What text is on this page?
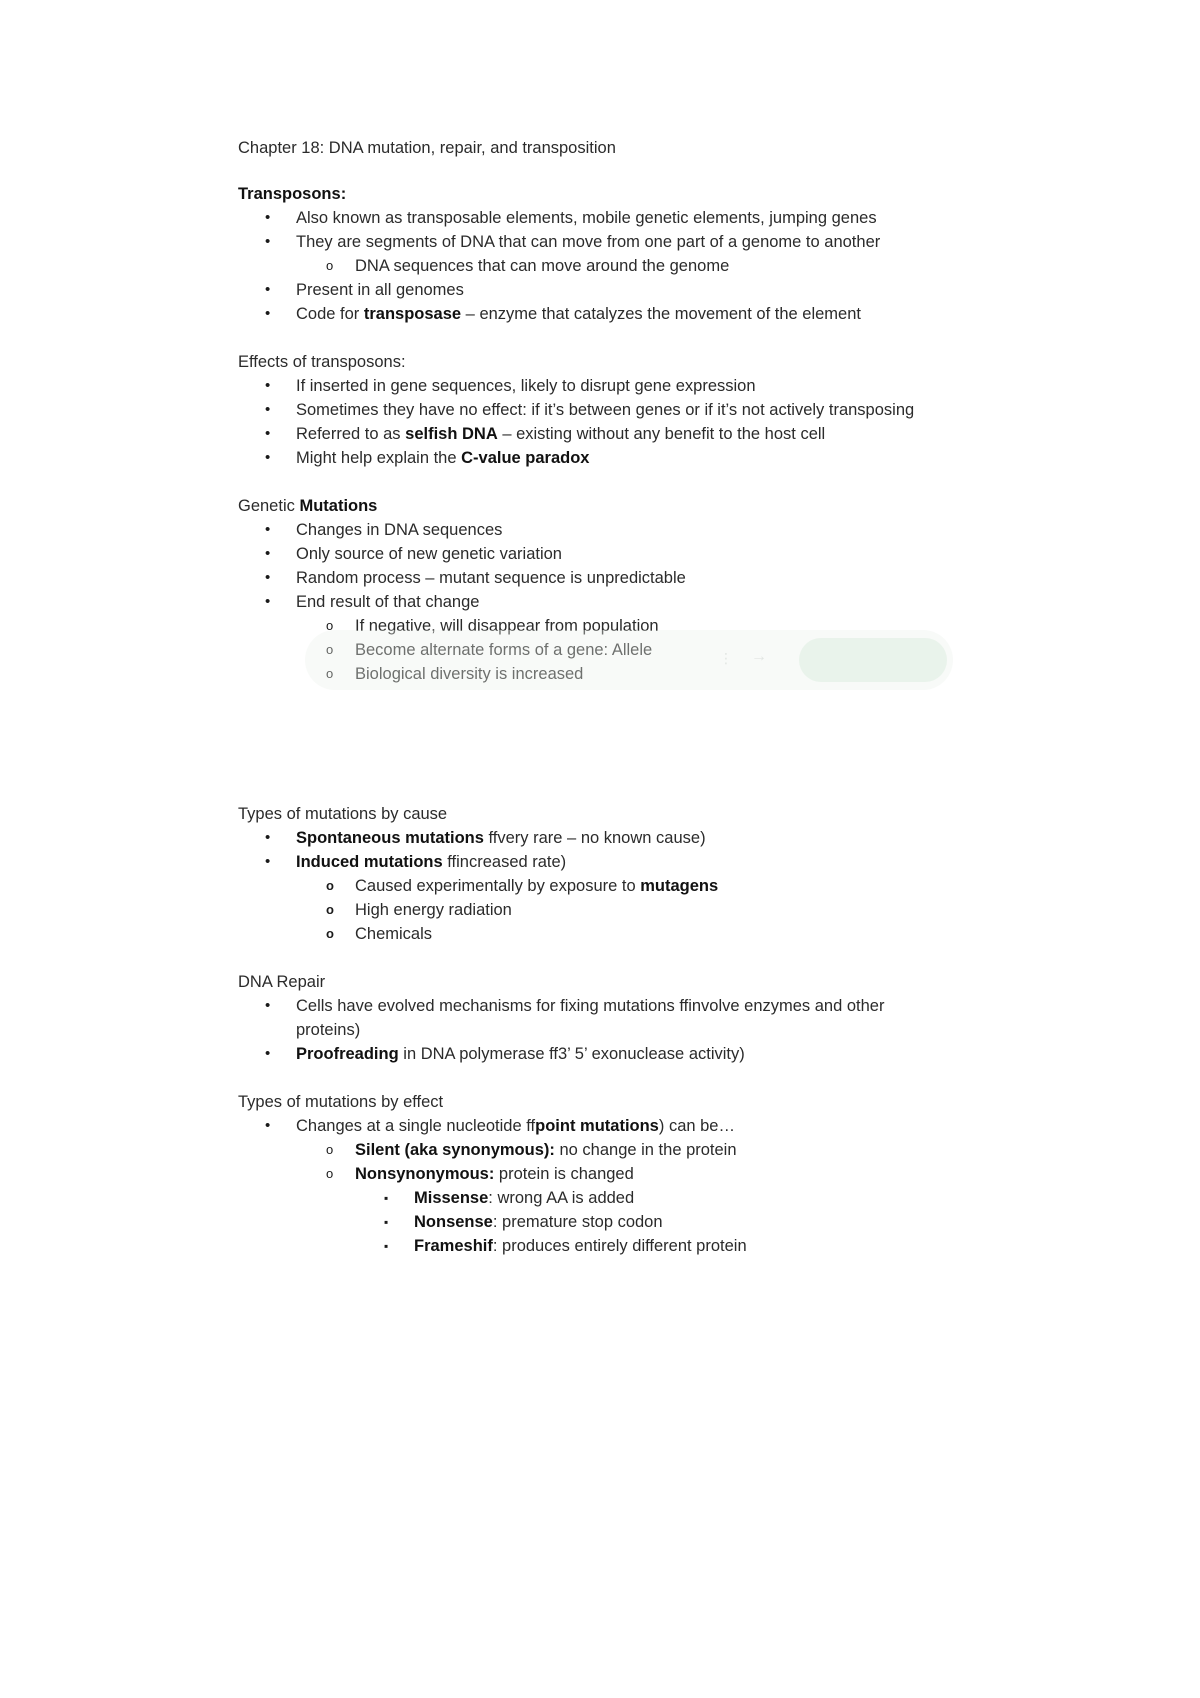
Chapter 18: DNA mutation, repair, and transposition

Transposons:

• Also known as transposable elements, mobile genetic elements, jumping genes
• They are segments of DNA that can move from one part of a genome to another
o DNA sequences that can move around the genome
• Present in all genomes
• Code for transposase – enzyme that catalyzes the movement of the element

Effects of transposons:

• If inserted in gene sequences, likely to disrupt gene expression
• Sometimes they have no effect: if it’s between genes or if it’s not actively transposing
• Referred to as selfish DNA – existing without any benefit to the host cell
• Might help explain the C-value paradox

Genetic Mutations

• Changes in DNA sequences
• Only source of new genetic variation
• Random process – mutant sequence is unpredictable
• End result of that change
o If negative, will disappear from population
o Become alternate forms of a gene: Allele
o Biological diversity is increased

Types of mutations by cause

• Spontaneous mutations ffvery rare – no known cause)
• Induced mutations ffincreased rate)
o Caused experimentally by exposure to mutagens
o High energy radiation
o Chemicals

DNA Repair

• Cells have evolved mechanisms for fixing mutations ffinvolve enzymes and other proteins)
• Proofreading in DNA polymerase ff3’ 5’ exonuclease activity)

Types of mutations by effect

• Changes at a single nucleotide ffpoint mutations) can be…
o Silent (aka synonymous): no change in the protein
o Nonsynonymous: protein is changed
▪ Missense: wrong AA is added
▪ Nonsense: premature stop codon
▪ Frameshif: produces entirely different protein
⋮ →
